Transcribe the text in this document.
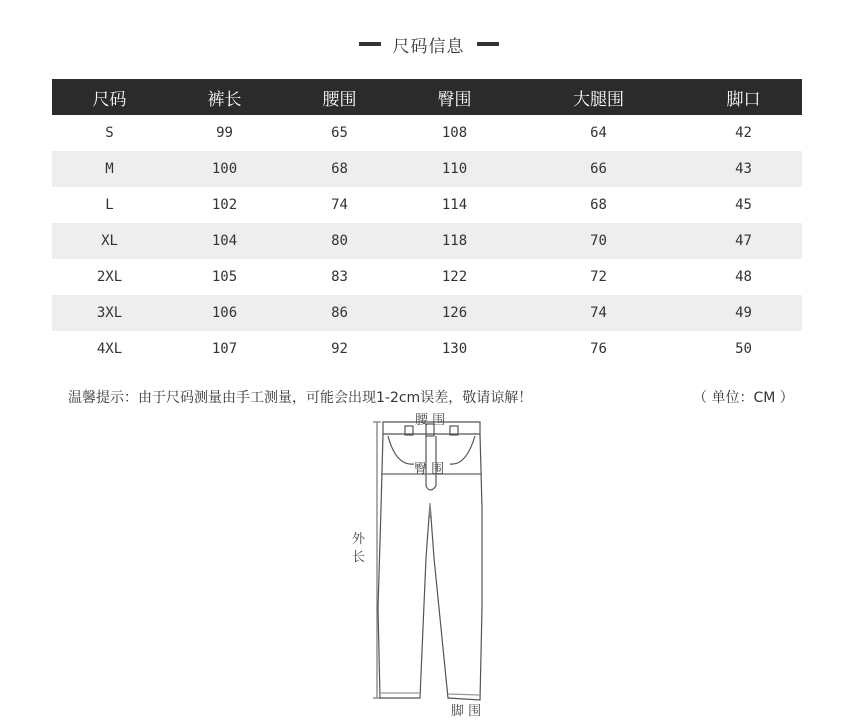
尺码信息
尺码	裤长	腰围	臀围	大腿围	脚口
S	99	65	108	64	42
M	100	68	110	66	43
L	102	74	114	68	45
XL	104	80	118	70	47
2XL	105	83	122	72	48
3XL	106	86	126	74	49
4XL	107	92	130	76	50
温馨提示：由于尺码测量由手工测量，可能会出现1-2cm误差，敬请谅解！	（ 单位：CM ）
腰 围
臀 围
外
长
脚 围
